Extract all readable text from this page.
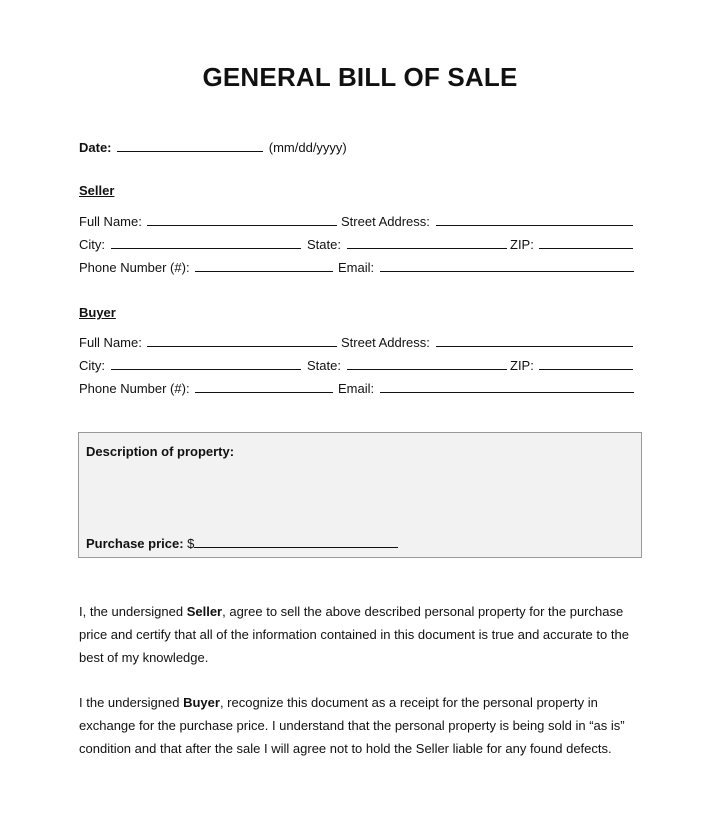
GENERAL BILL OF SALE
Date:	(mm/dd/yyyy)
Seller
Full Name:	Street Address:
City:	State:	ZIP:
Phone Number (#):	Email:
Buyer
Full Name:	Street Address:
City:	State:	ZIP:
Phone Number (#):	Email:
Description of property:
Purchase price: $
I, the undersigned Seller, agree to sell the above described personal property for the purchase
price and certify that all of the information contained in this document is true and accurate to the
best of my knowledge.
I the undersigned Buyer, recognize this document as a receipt for the personal property in
exchange for the purchase price. I understand that the personal property is being sold in “as is”
condition and that after the sale I will agree not to hold the Seller liable for any found defects.
